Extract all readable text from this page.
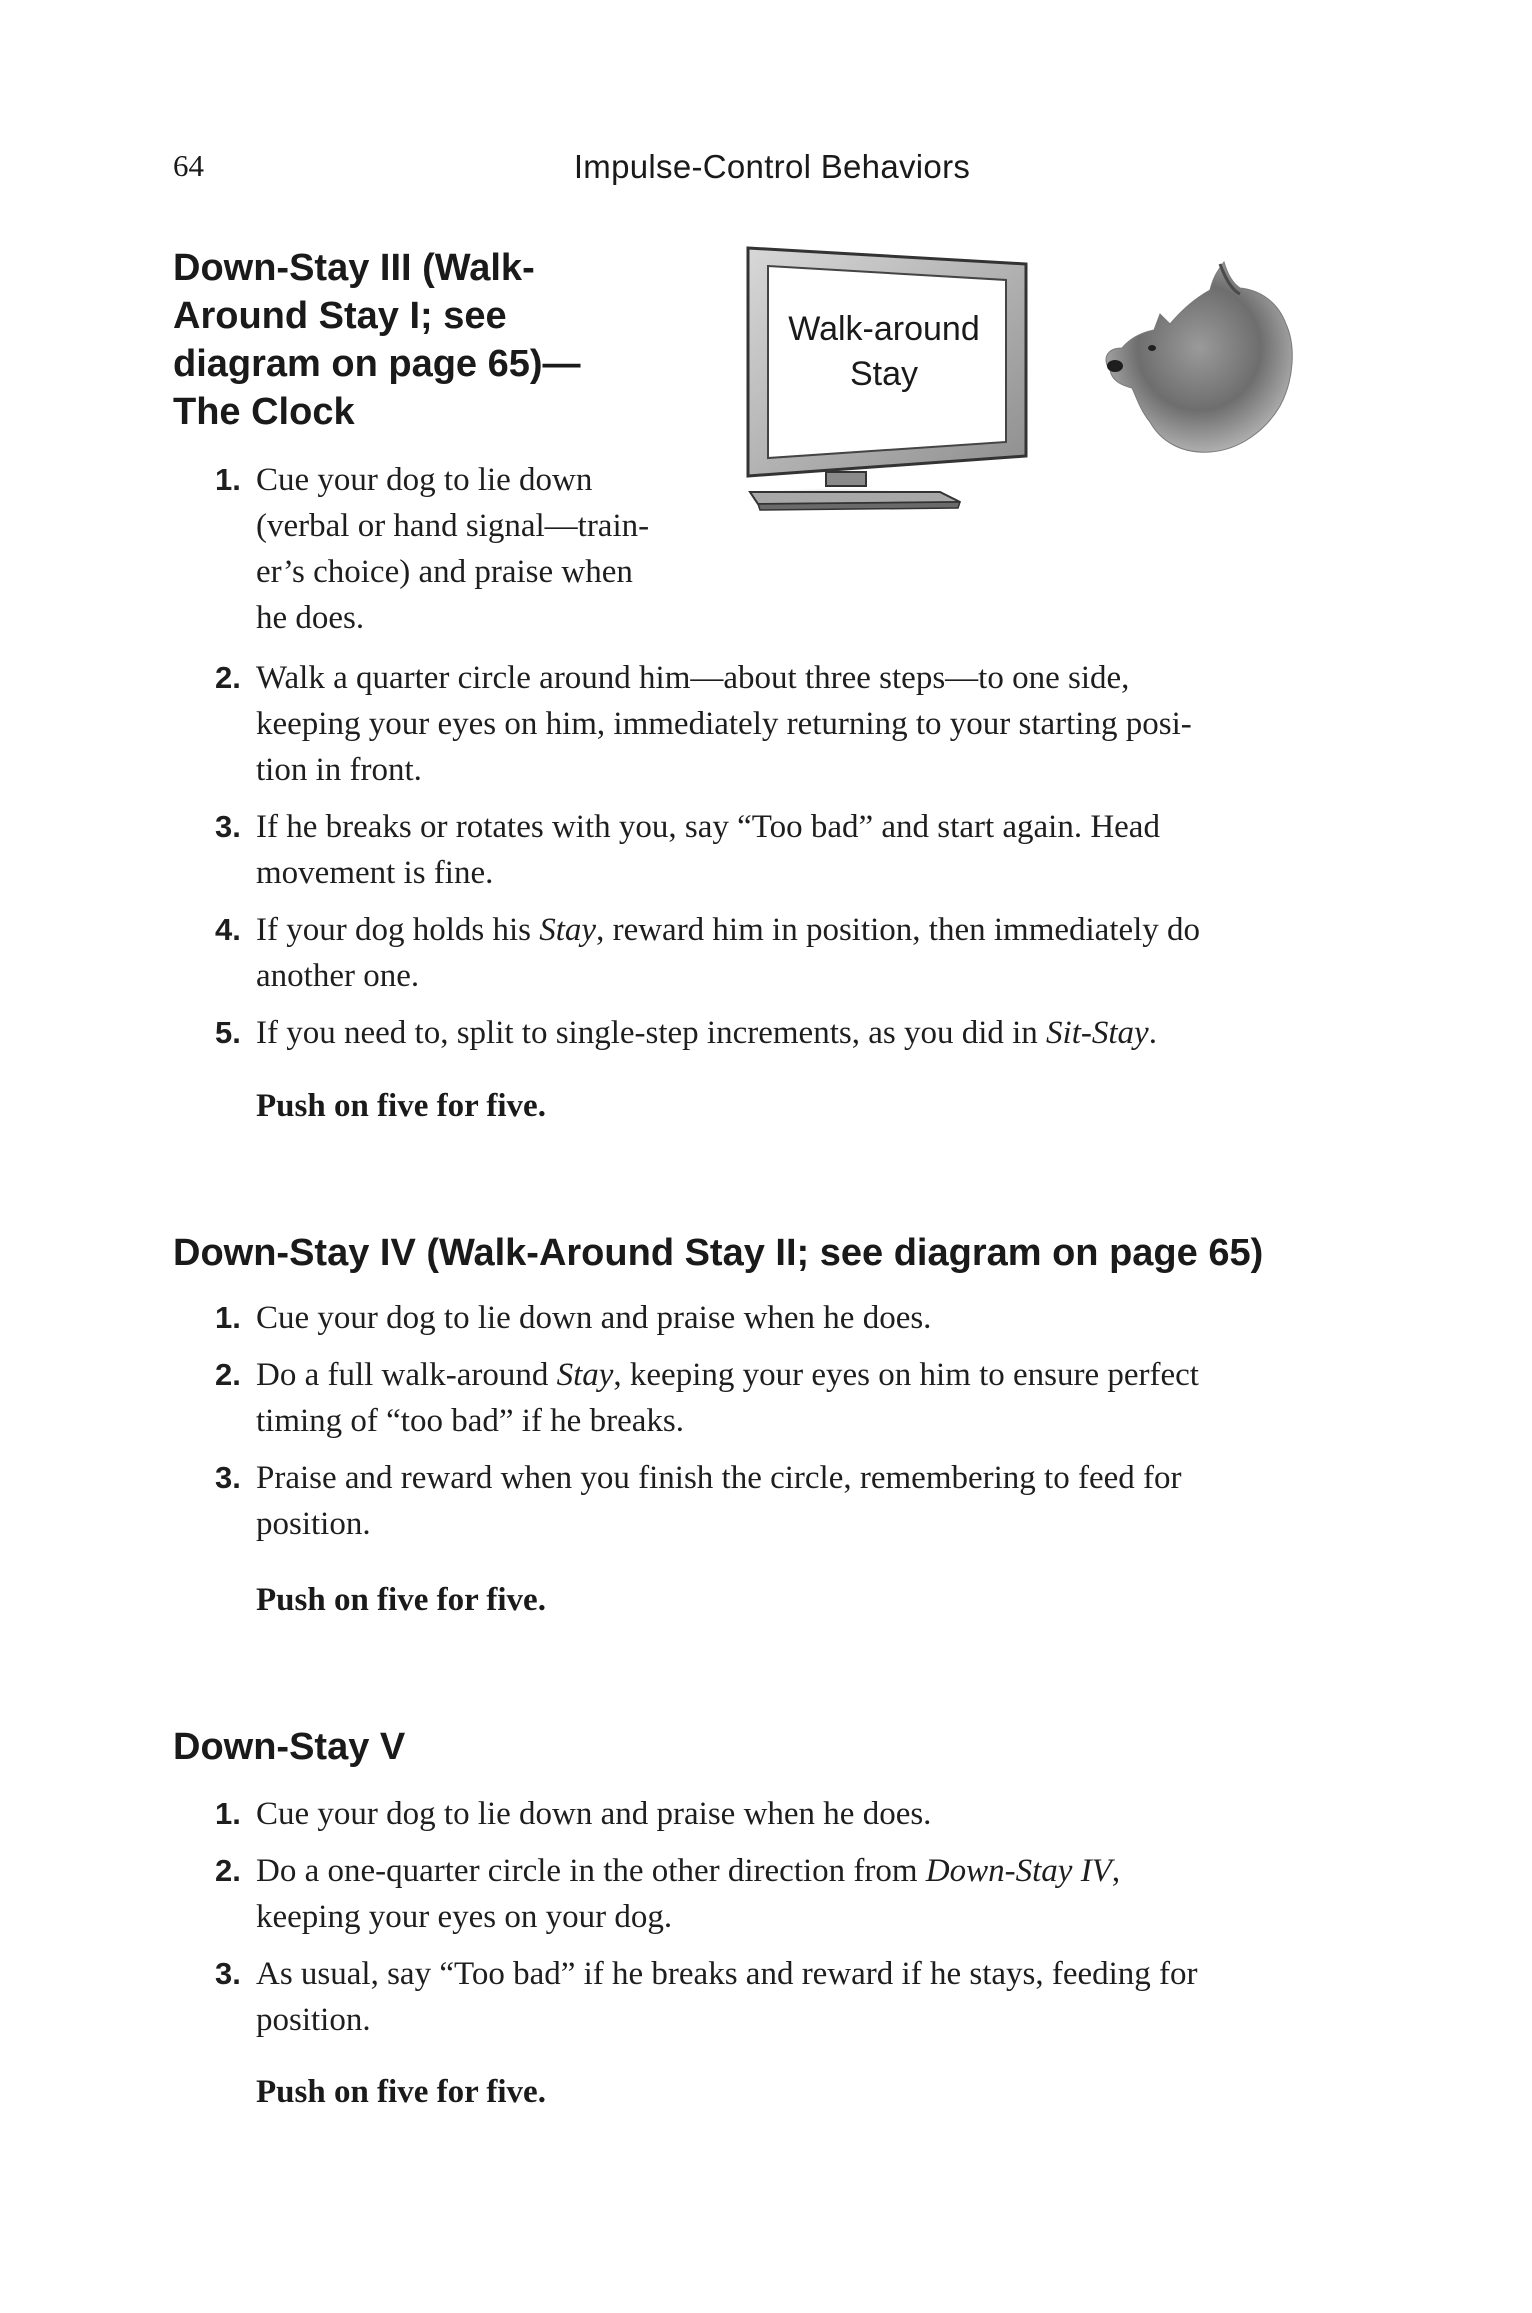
64	Impulse-Control Behaviors
Down-Stay III (Walk-
Around Stay I; see
diagram on page 65)—
The Clock
Walk-around
Stay
1. Cue your dog to lie down
(verbal or hand signal—train-
er’s choice) and praise when
he does.
2. Walk a quarter circle around him—about three steps—to one side,
keeping your eyes on him, immediately returning to your starting posi-
tion in front.
3. If he breaks or rotates with you, say “Too bad” and start again. Head
movement is fine.
4. If your dog holds his Stay, reward him in position, then immediately do
another one.
5. If you need to, split to single-step increments, as you did in Sit-Stay.
Push on five for five.
Down-Stay IV (Walk-Around Stay II; see diagram on page 65)
1. Cue your dog to lie down and praise when he does.
2. Do a full walk-around Stay, keeping your eyes on him to ensure perfect
timing of “too bad” if he breaks.
3. Praise and reward when you finish the circle, remembering to feed for
position.
Push on five for five.
Down-Stay V
1. Cue your dog to lie down and praise when he does.
2. Do a one-quarter circle in the other direction from Down-Stay IV,
keeping your eyes on your dog.
3. As usual, say “Too bad” if he breaks and reward if he stays, feeding for
position.
Push on five for five.
